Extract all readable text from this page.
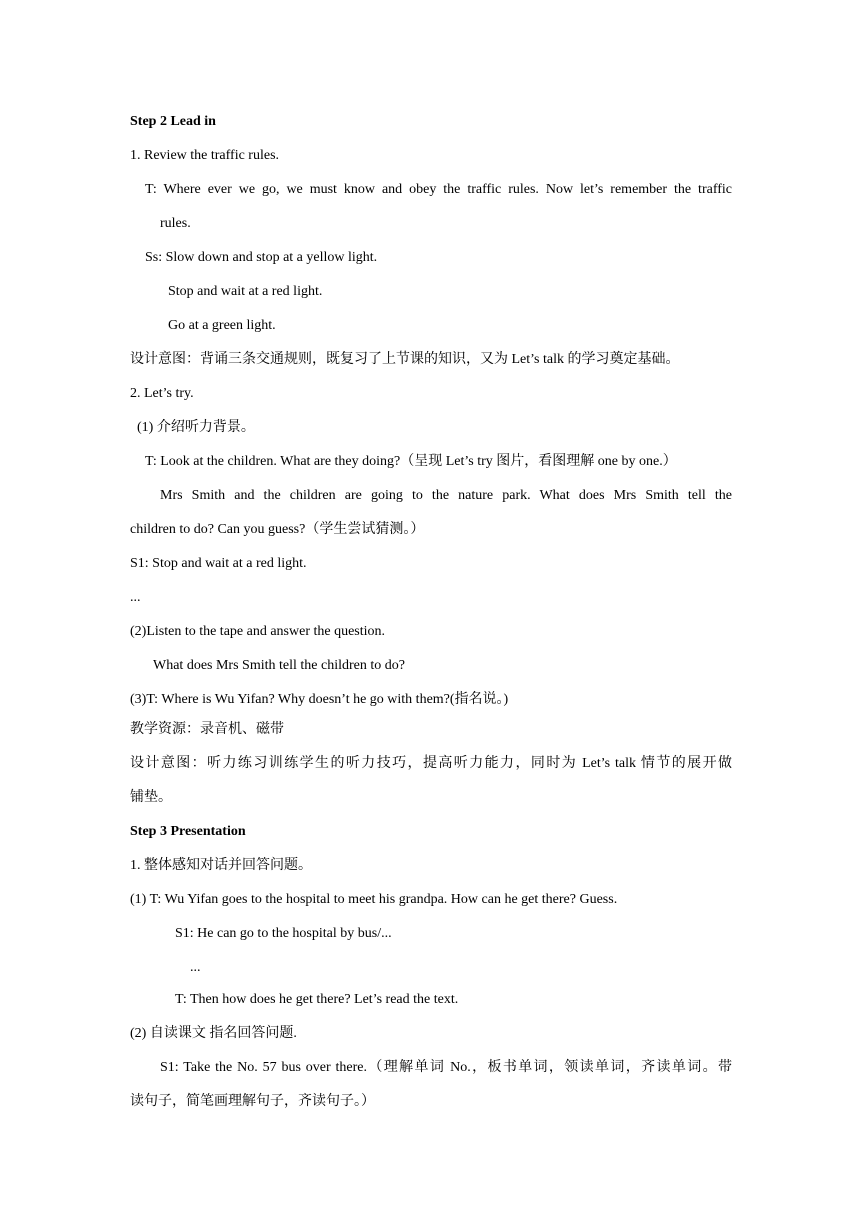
Step 2 Lead in
1. Review the traffic rules.
T: Where ever we go, we must know and obey the traffic rules. Now let’s remember the traffic
rules.
Ss: Slow down and stop at a yellow light.
Stop and wait at a red light.
Go at a green light.
设计意图：背诵三条交通规则，既复习了上节课的知识，又为 Let’s talk 的学习奠定基础。
2. Let’s try.
(1) 介绍听力背景。
T: Look at the children. What are they doing?（呈现 Let’s try 图片，看图理解 one by one.）
Mrs Smith and the children are going to the nature park. What does Mrs Smith tell the
children to do? Can you guess?（学生尝试猜测。）
S1: Stop and wait at a red light.
...
(2)Listen to the tape and answer the question.
What does Mrs Smith tell the children to do?
(3)T: Where is Wu Yifan? Why doesn’t he go with them?(指名说。)
教学资源：录音机、磁带
设计意图：听力练习训练学生的听力技巧，提高听力能力，同时为 Let’s talk 情节的展开做
铺垫。
Step 3 Presentation
1. 整体感知对话并回答问题。
(1) T: Wu Yifan goes to the hospital to meet his grandpa. How can he get there? Guess.
S1: He can go to the hospital by bus/...
...
T: Then how does he get there? Let’s read the text.
(2) 自读课文 指名回答问题.
S1: Take the No. 57 bus over there.（理解单词 No.，板书单词，领读单词，齐读单词。带
读句子，简笔画理解句子，齐读句子。）
